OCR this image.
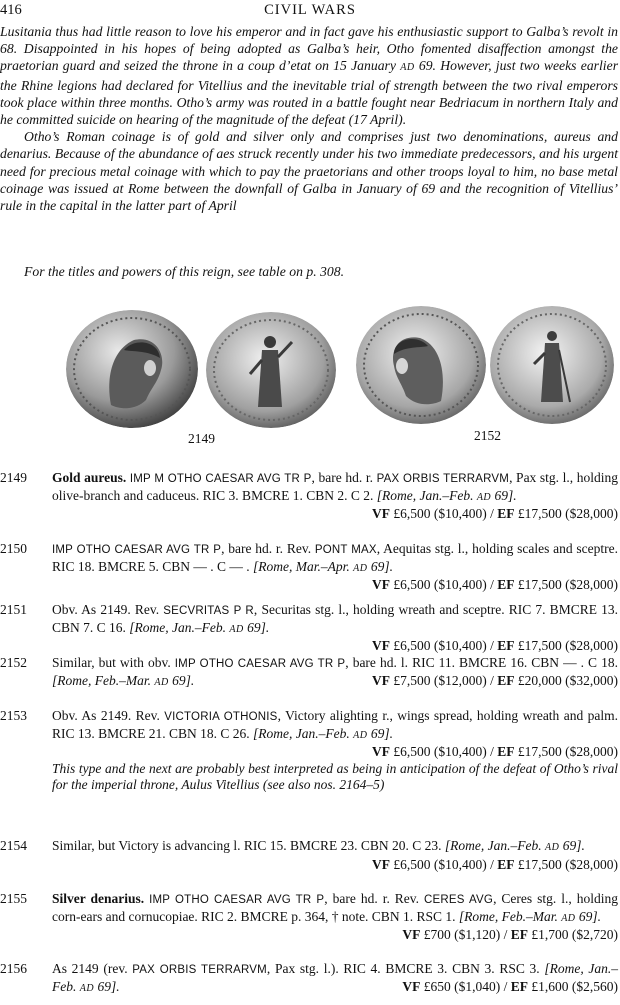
416	CIVIL WARS

Lusitania thus had little reason to love his emperor and in fact gave his enthusiastic support to Galba’s revolt in 68. Disappointed in his hopes of being adopted as Galba’s heir, Otho fomented disaffection amongst the praetorian guard and seized the throne in a coup d’etat on 15 January AD 69. However, just two weeks earlier the Rhine legions had declared for Vitellius and the inevitable trial of strength between the two rival emperors took place within three months. Otho’s army was routed in a battle fought near Bedriacum in northern Italy and he committed suicide on hearing of the magnitude of the defeat (17 April).

Otho’s Roman coinage is of gold and silver only and comprises just two denominations, aureus and denarius. Because of the abundance of aes struck recently under his two immediate predecessors, and his urgent need for precious metal coinage with which to pay the praetorians and other troops loyal to him, no base metal coinage was issued at Rome between the downfall of Galba in January of 69 and the recognition of Vitellius’ rule in the capital in the latter part of April

For the titles and powers of this reign, see table on p. 308.
2149	2152
2149 Gold aureus. IMP M OTHO CAESAR AVG TR P, bare hd. r. PAX ORBIS TERRARVM, Pax stg. l., holding olive-branch and caduceus. RIC 3. BMCRE 1. CBN 2. C 2. [Rome, Jan.–Feb. AD 69].
VF £6,500 ($10,400) / EF £17,500 ($28,000)
2150 IMP OTHO CAESAR AVG TR P, bare hd. r. Rev. PONT MAX, Aequitas stg. l., holding scales and sceptre. RIC 18. BMCRE 5. CBN — . C — . [Rome, Mar.–Apr. AD 69].
VF £6,500 ($10,400) / EF £17,500 ($28,000)
2151 Obv. As 2149. Rev. SECVRITAS P R, Securitas stg. l., holding wreath and sceptre. RIC 7. BMCRE 13. CBN 7. C 16. [Rome, Jan.–Feb. AD 69].
VF £6,500 ($10,400) / EF £17,500 ($28,000)
2152 Similar, but with obv. IMP OTHO CAESAR AVG TR P, bare hd. l. RIC 11. BMCRE 16. CBN — . C 18. [Rome, Feb.–Mar. AD 69].	VF £7,500 ($12,000) / EF £20,000 ($32,000)
2153 Obv. As 2149. Rev. VICTORIA OTHONIS, Victory alighting r., wings spread, holding wreath and palm. RIC 13. BMCRE 21. CBN 18. C 26. [Rome, Jan.–Feb. AD 69].
VF £6,500 ($10,400) / EF £17,500 ($28,000)
This type and the next are probably best interpreted as being in anticipation of the defeat of Otho’s rival for the imperial throne, Aulus Vitellius (see also nos. 2164–5)
2154 Similar, but Victory is advancing l. RIC 15. BMCRE 23. CBN 20. C 23. [Rome, Jan.–Feb. AD 69].
VF £6,500 ($10,400) / EF £17,500 ($28,000)
2155 Silver denarius. IMP OTHO CAESAR AVG TR P, bare hd. r. Rev. CERES AVG, Ceres stg. l., holding corn-ears and cornucopiae. RIC 2. BMCRE p. 364, † note. CBN 1. RSC 1. [Rome, Feb.–Mar. AD 69].
VF £700 ($1,120) / EF £1,700 ($2,720)
2156 As 2149 (rev. PAX ORBIS TERRARVM, Pax stg. l.). RIC 4. BMCRE 3. CBN 3. RSC 3. [Rome, Jan.–Feb. AD 69].	VF £650 ($1,040) / EF £1,600 ($2,560)
